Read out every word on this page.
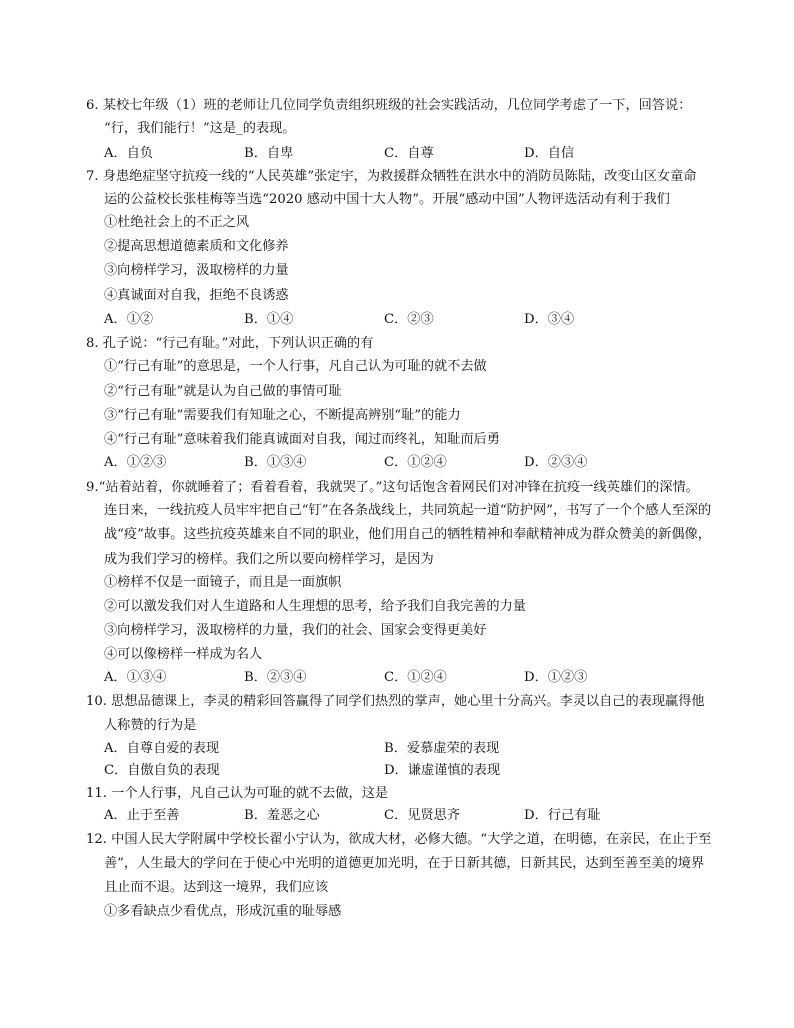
6. 某校七年级（1）班的老师让几位同学负责组织班级的社会实践活动，几位同学考虑了一下，回答说：
“行，我们能行！”这是_的表现。
A．自负	B．自卑	C．自尊	D．自信
7. 身患绝症坚守抗疫一线的“人民英雄”张定宇，为救援群众牺牲在洪水中的消防员陈陆，改变山区女童命
运的公益校长张桂梅等当选“2020 感动中国十大人物”。开展“感动中国”人物评选活动有利于我们
①杜绝社会上的不正之风
②提高思想道德素质和文化修养
③向榜样学习，汲取榜样的力量
④真诚面对自我，拒绝不良诱惑
A．①②	B．①④	C．②③	D．③④
8. 孔子说：“行己有耻。”对此，下列认识正确的有
①“行己有耻”的意思是，一个人行事，凡自己认为可耻的就不去做
②“行己有耻”就是认为自己做的事情可耻
③“行己有耻”需要我们有知耻之心，不断提高辨别“耻”的能力
④“行己有耻”意味着我们能真诚面对自我，闻过而终礼，知耻而后勇
A．①②③	B．①③④	C．①②④	D．②③④
9.“站着站着，你就睡着了；看着看着，我就哭了。”这句话饱含着网民们对冲锋在抗疫一线英雄们的深情。
连日来，一线抗疫人员牢牢把自己“钉”在各条战线上，共同筑起一道“防护网”，书写了一个个感人至深的
战“疫”故事。这些抗疫英雄来自不同的职业，他们用自己的牺牲精神和奉献精神成为群众赞美的新偶像，
成为我们学习的榜样。我们之所以要向榜样学习，是因为
①榜样不仅是一面镜子，而且是一面旗帜
②可以激发我们对人生道路和人生理想的思考，给予我们自我完善的力量
③向榜样学习，汲取榜样的力量，我们的社会、国家会变得更美好
④可以像榜样一样成为名人
A．①③④	B．②③④	C．①②④	D．①②③
10. 思想品德课上，李灵的精彩回答赢得了同学们热烈的掌声，她心里十分高兴。李灵以自己的表现赢得他
人称赞的行为是
A．自尊自爱的表现	B．爱慕虚荣的表现
C．自傲自负的表现	D．谦虚谨慎的表现
11. 一个人行事，凡自己认为可耻的就不去做，这是
A．止于至善	B．羞恶之心	C．见贤思齐	D．行己有耻
12. 中国人民大学附属中学校长翟小宁认为，欲成大材，必修大德。“大学之道，在明德，在亲民，在止于至
善”，人生最大的学问在于使心中光明的道德更加光明，在于日新其德，日新其民，达到至善至美的境界
且止而不退。达到这一境界，我们应该
①多看缺点少看优点，形成沉重的耻辱感
